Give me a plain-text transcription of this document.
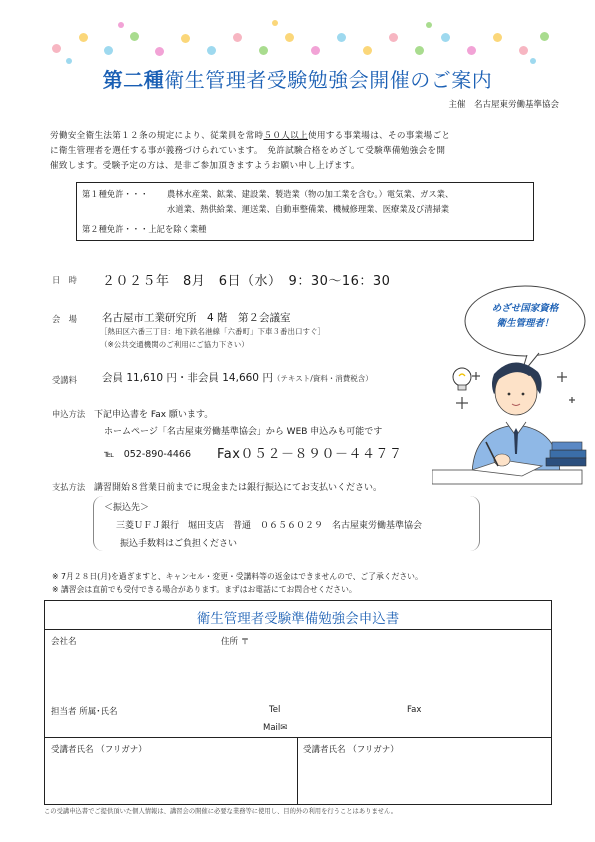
第二種衛生管理者受験勉強会開催のご案内
主催　名古屋東労働基準協会
労働安全衛生法第１２条の規定により、従業員を常時５０人以上使用する事業場は、その事業場ごと
に衛生管理者を選任する事が義務づけられています。　免許試験合格をめざして受験準備勉強会を開
催致します。受験予定の方は、是非ご参加頂きますようお願い申し上げます。
第１種免許・・・ 農林水産業、鉱業、建設業、製造業（物の加工業を含む。）電気業、ガス業、
水道業、熱供給業、運送業、自動車整備業、機械修理業、医療業及び清掃業
第２種免許・・・上記を除く業種
日　時 ２０２５年　8月　6日（水）　9：30～16：30
会　場 名古屋市工業研究所　4 階　第２会議室
［熱田区六番三丁目：地下鉄名港線「六番町」下車３番出口すぐ］
（※公共交通機関のご利用にご協力下さい）
受講料 会員 11,610 円・非会員 14,660 円（テキスト/資料・消費税含）
申込方法 下記申込書を Fax 願います。
ホームページ「名古屋東労働基準協会」から WEB 申込みも可能です
℡　052-890-4466 Fax０５２－８９０－４４７７
支払方法 講習開始８営業日前までに現金または銀行振込にてお支払いください。
＜振込先＞
三菱ＵＦＪ銀行　堀田支店　普通　０６５６０２９　名古屋東労働基準協会
振込手数料はご負担ください
めざせ国家資格
衛生管理者！
※ 7月２８日(月)を過ぎますと、キャンセル・変更・受講料等の返金はできませんので、ご了承ください。
※ 講習会は直前でも受付できる場合があります。まずはお電話にてお問合せください。
衛生管理者受験準備勉強会申込書
会社名	住所 〒
担当者 所属･氏名	Tel	Fax
Mail✉
受講者氏名 （フリガナ）	受講者氏名 （フリガナ）
この受講申込書でご提供頂いた個人情報は、講習会の開催に必要な業務等に使用し、目的外の利用を行うことはありません。
